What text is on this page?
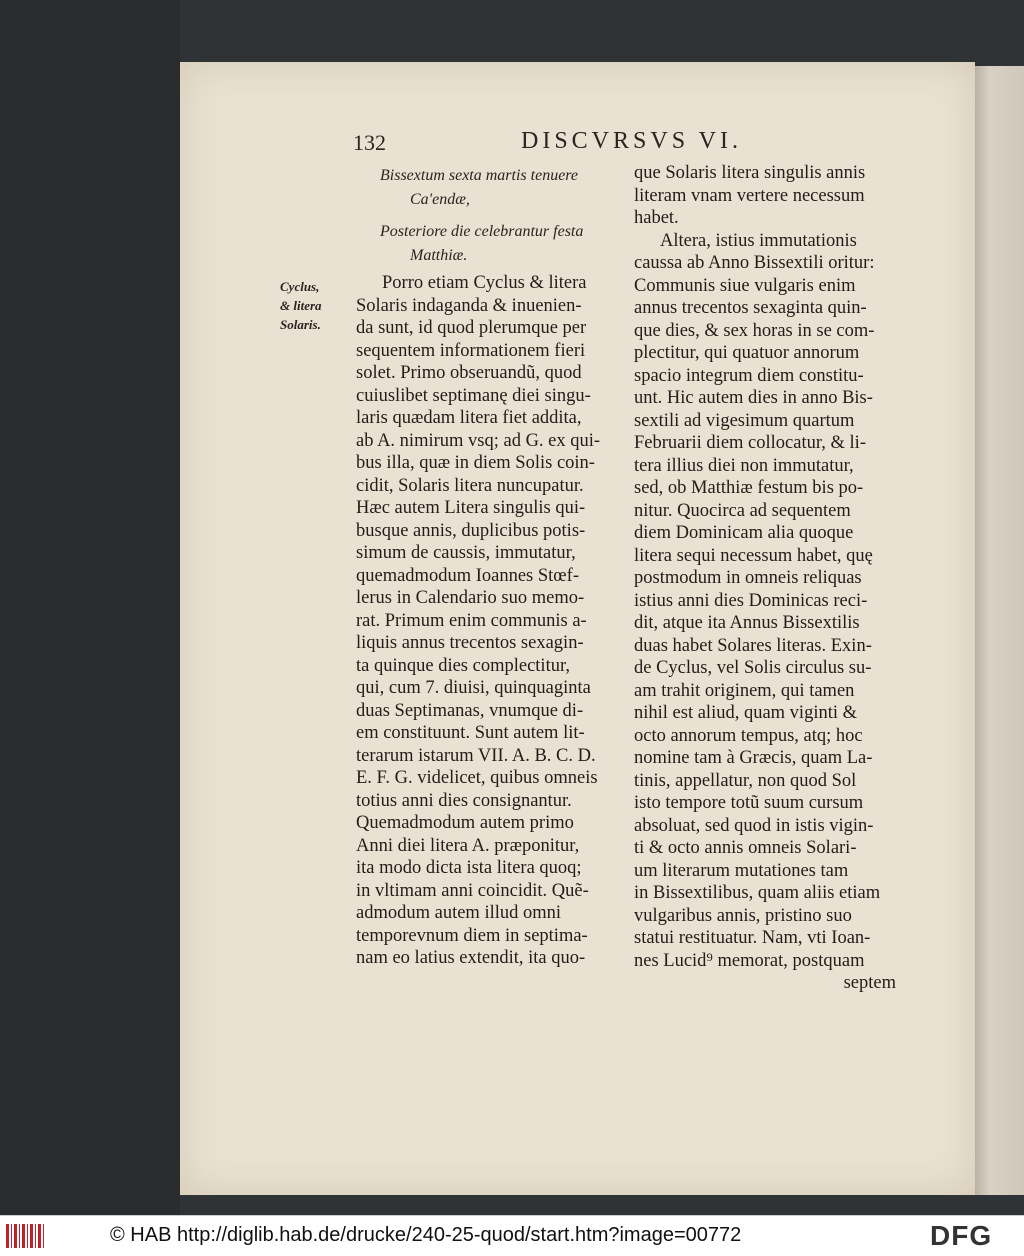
132	DISCVRSVS VI.
Cyclus,
& litera
Solaris.
Bissextum sexta martis tenuere
Ca'endæ,
Posteriore die celebrantur festa
Matthiæ.
Porro etiam Cyclus & litera
Solaris indaganda & inuenien-
da sunt, id quod plerumque per
sequentem informationem fieri
solet. Primo obseruandũ, quod
cuiuslibet septimanę diei singu-
laris quædam litera fiet addita,
ab A. nimirum vsq; ad G. ex qui-
bus illa, quæ in diem Solis coin-
cidit, Solaris litera nuncupatur.
Hæc autem Litera singulis qui-
busque annis, duplicibus potis-
simum de caussis, immutatur,
quemadmodum Ioannes Stœf-
lerus in Calendario suo memo-
rat. Primum enim communis a-
liquis annus trecentos sexagin-
ta quinque dies complectitur,
qui, cum 7. diuisi, quinquaginta
duas Septimanas, vnumque di-
em constituunt. Sunt autem lit-
terarum istarum VII. A. B. C. D.
E. F. G. videlicet, quibus omneis
totius anni dies consignantur.
Quemadmodum autem primo
Anni diei litera A. præponitur,
ita modo dicta ista litera quoq;
in vltimam anni coincidit. Quẽ-
admodum autem illud omni
temporevnum diem in septima-
nam eo latius extendit, ita quo-
que Solaris litera singulis annis
literam vnam vertere necessum
habet.
Altera, istius immutationis
caussa ab Anno Bissextili oritur:
Communis siue vulgaris enim
annus trecentos sexaginta quin-
que dies, & sex horas in se com-
plectitur, qui quatuor annorum
spacio integrum diem constitu-
unt. Hic autem dies in anno Bis-
sextili ad vigesimum quartum
Februarii diem collocatur, & li-
tera illius diei non immutatur,
sed, ob Matthiæ festum bis po-
nitur. Quocirca ad sequentem
diem Dominicam alia quoque
litera sequi necessum habet, quę
postmodum in omneis reliquas
istius anni dies Dominicas reci-
dit, atque ita Annus Bissextilis
duas habet Solares literas. Exin-
de Cyclus, vel Solis circulus su-
am trahit originem, qui tamen
nihil est aliud, quam viginti &
octo annorum tempus, atq; hoc
nomine tam à Græcis, quam La-
tinis, appellatur, non quod Sol
isto tempore totũ suum cursum
absoluat, sed quod in istis vigin-
ti & octo annis omneis Solari-
um literarum mutationes tam
in Bissextilibus, quam aliis etiam
vulgaribus annis, pristino suo
statui restituatur. Nam, vti Ioan-
nes Lucid⁹ memorat, postquam
septem
© HAB http://diglib.hab.de/drucke/240-25-quod/start.htm?image=00772	DFG
